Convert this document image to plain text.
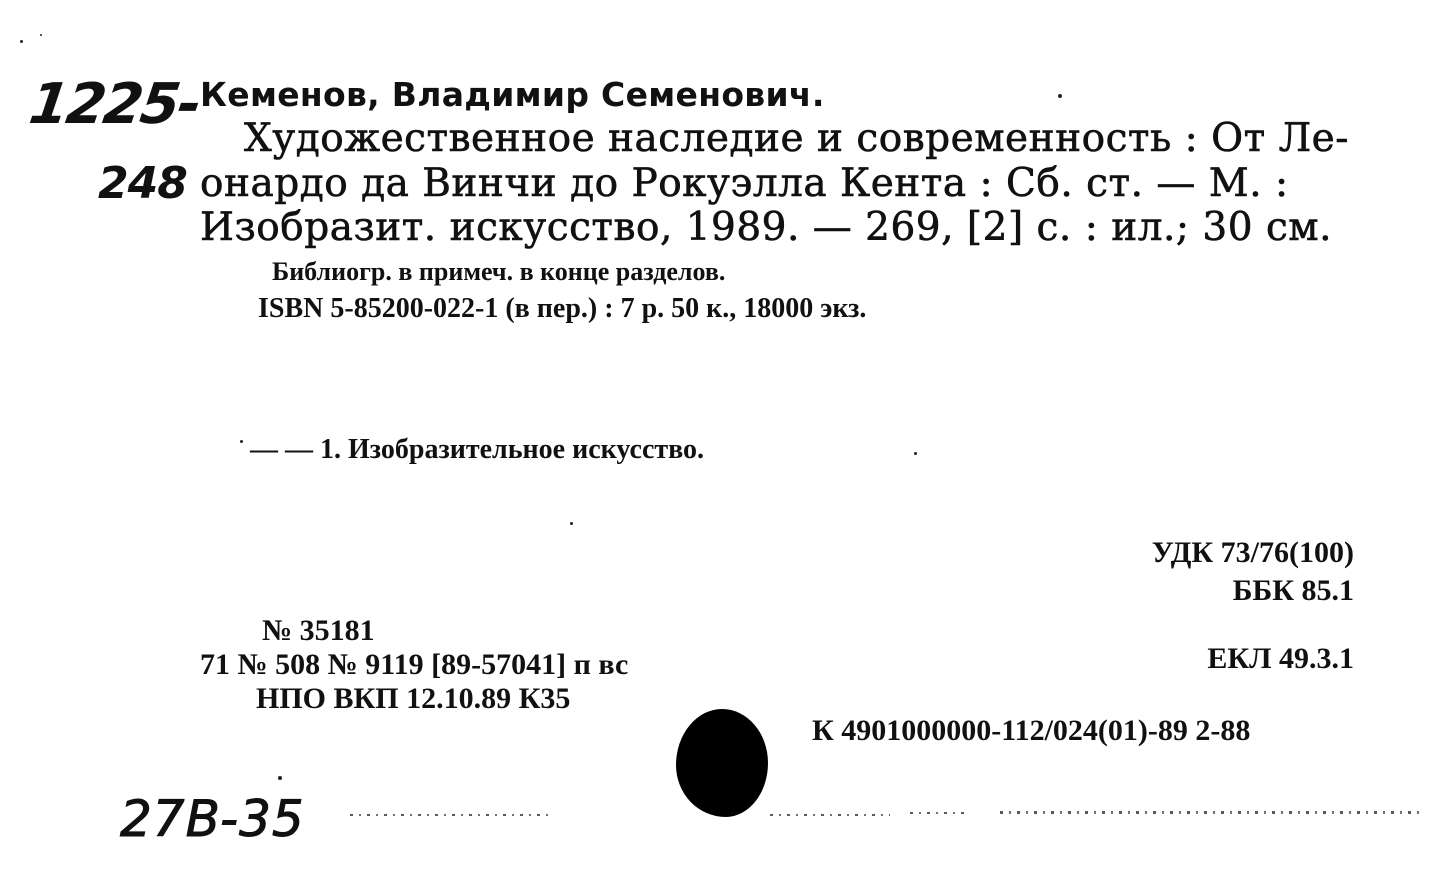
1225-
248
Кеменов, Владимир Семенович.
Художественное наследие и современность : От Ле-
онардо да Винчи до Рокуэлла Кента : Сб. ст. — М. :
Изобразит. искусство, 1989. — 269, [2] с. : ил.; 30 см.
Библиогр. в примеч. в конце разделов.
ISBN 5-85200-022-1 (в пер.) : 7 р. 50 к., 18000 экз.
— — 1. Изобразительное искусство.
УДК 73/76(100)
ББК 85.1
ЕКЛ 49.3.1
К 4901000000-112/024(01)-89 2-88
№ 35181
71 № 508 № 9119 [89-57041] п вс
НПО ВКП 12.10.89 К35
27B-35
